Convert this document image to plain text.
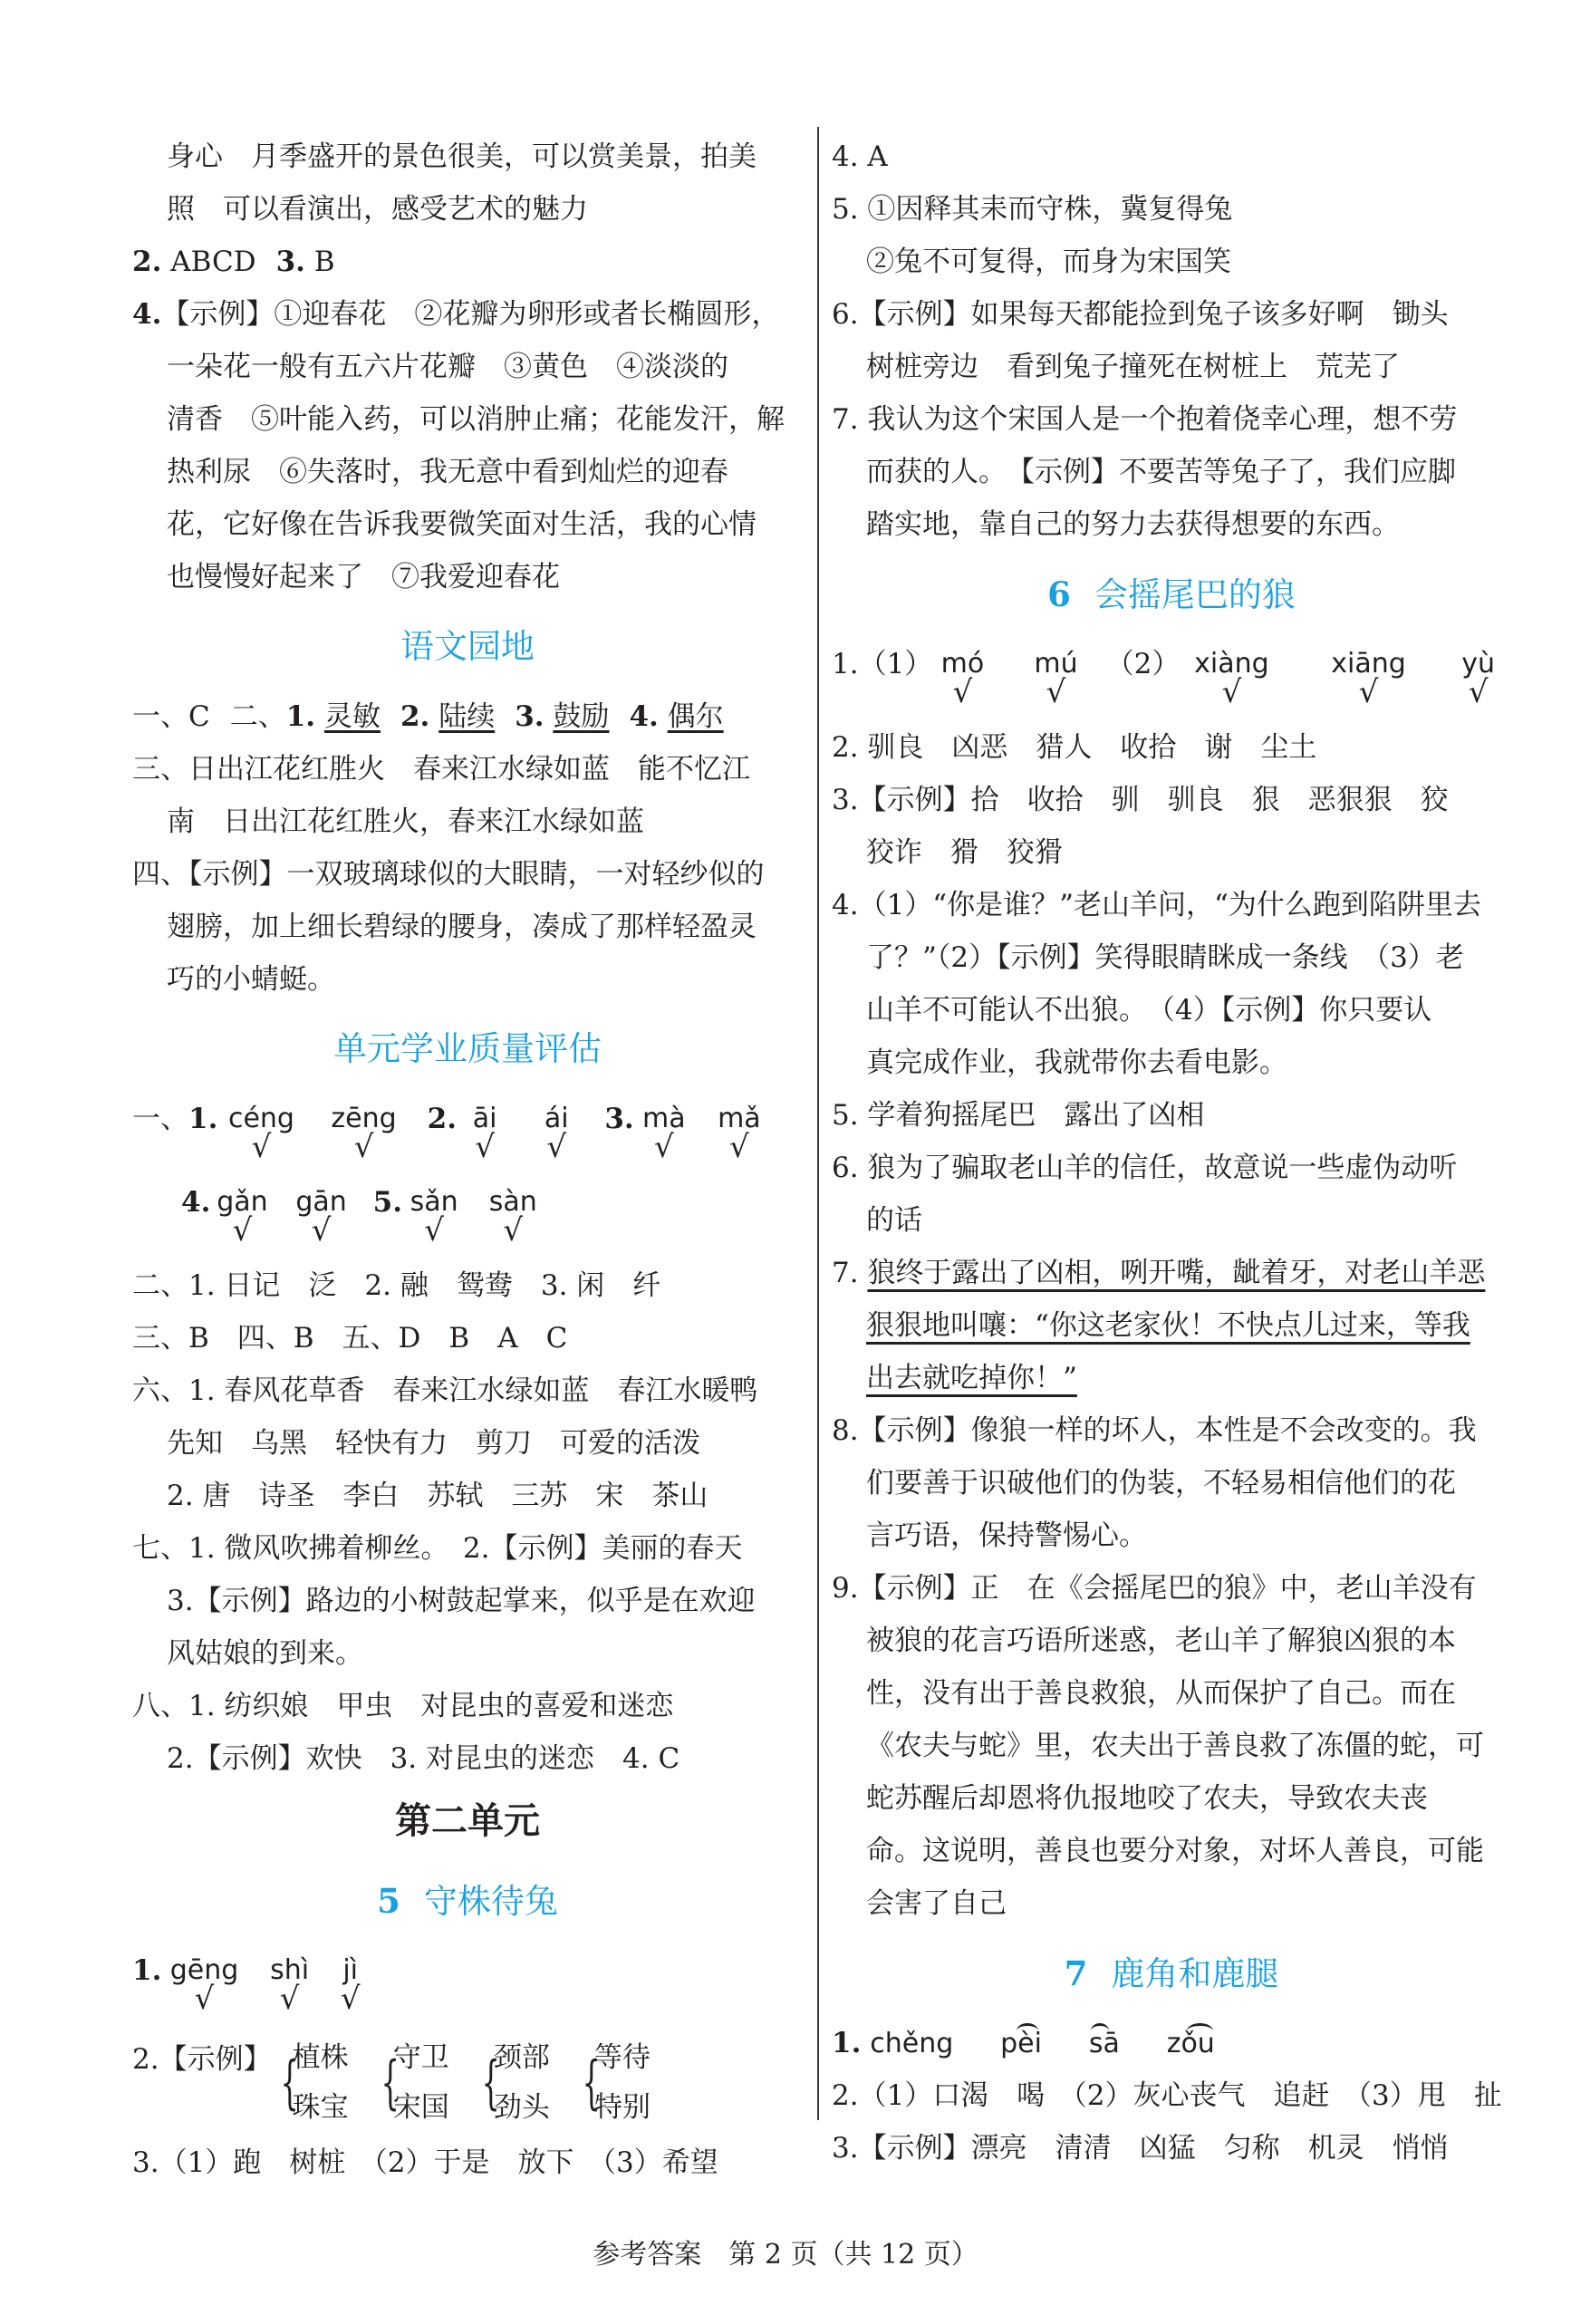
身心　月季盛开的景色很美，可以赏美景，拍美
照　可以看演出，感受艺术的魅力
2. ABCD 3. B
4.【示例】①迎春花　②花瓣为卵形或者长椭圆形，
一朵花一般有五六片花瓣　③黄色　④淡淡的
清香　⑤叶能入药，可以消肿止痛；花能发汗，解
热利尿　⑥失落时，我无意中看到灿烂的迎春
花，它好像在告诉我要微笑面对生活，我的心情
也慢慢好起来了　⑦我爱迎春花
语文园地
一、C 二、1. 灵敏 2. 陆续 3. 鼓励 4. 偶尔
三、日出江花红胜火　春来江水绿如蓝　能不忆江
南　日出江花红胜火，春来江水绿如蓝
四、【示例】一双玻璃球似的大眼睛，一对轻纱似的
翅膀，加上细长碧绿的腰身，凑成了那样轻盈灵
巧的小蜻蜓。
单元学业质量评估
一、1. céng
√

zēng
√
2. āi
√

ái
√
3. mà
√

mǎ
√
4. gǎn
√

gān
√
5. sǎn
√

sàn
√
二、1. 日记　泛　2. 融　鸳鸯　3. 闲　纤
三、B　四、B　五、D　B　A　C
六、1. 春风花草香　春来江水绿如蓝　春江水暖鸭
先知　乌黑　轻快有力　剪刀　可爱的活泼
2. 唐　诗圣　李白　苏轼　三苏　宋　茶山
七、1. 微风吹拂着柳丝。　2.【示例】美丽的春天
3.【示例】路边的小树鼓起掌来，似乎是在欢迎
风姑娘的到来。
八、1. 纺织娘　甲虫　对昆虫的喜爱和迷恋
2.【示例】欢快　3. 对昆虫的迷恋　4. C
第二单元
5 守株待兔
1. gēng
√

shì
√

jì
√
2.【示例】 {
植株
珠宝 {
守卫
宋国 {
颈部
劲头 {
等待
特别
3.（1）跑　树桩　（2）于是　放下　（3）希望
4. A
5. ①因释其耒而守株，冀复得兔
②兔不可复得，而身为宋国笑
6.【示例】如果每天都能捡到兔子该多好啊　锄头
树桩旁边　看到兔子撞死在树桩上　荒芜了
7. 我认为这个宋国人是一个抱着侥幸心理，想不劳
而获的人。　【示例】不要苦等兔子了，我们应脚
踏实地，靠自己的努力去获得想要的东西。
6 会摇尾巴的狼
1.（1） mó
√

mú
√
（2） xiàng
√

xiāng
√

yù
√
2. 驯良　凶恶　猎人　收拾　谢　尘土
3.【示例】拾　收拾　驯　驯良　狠　恶狠狠　狡
狡诈　猾　狡猾
4.（1）“你是谁？”老山羊问，“为什么跑到陷阱里去
了？”（2）【示例】笑得眼睛眯成一条线　（3）老
山羊不可能认不出狼。　（4）【示例】你只要认
真完成作业，我就带你去看电影。
5. 学着狗摇尾巴　露出了凶相
6. 狼为了骗取老山羊的信任，故意说一些虚伪动听
的话
7. 狼终于露出了凶相，咧开嘴，龇着牙，对老山羊恶
狠狠地叫嚷：“你这老家伙！不快点儿过来，等我
出去就吃掉你！”
8.【示例】像狼一样的坏人，本性是不会改变的。我
们要善于识破他们的伪装，不轻易相信他们的花
言巧语，保持警惕心。
9.【示例】正　在《会摇尾巴的狼》中，老山羊没有
被狼的花言巧语所迷惑，老山羊了解狼凶狠的本
性，没有出于善良救狼，从而保护了自己。而在
《农夫与蛇》里，农夫出于善良救了冻僵的蛇，可
蛇苏醒后却恩将仇报地咬了农夫，导致农夫丧
命。这说明，善良也要分对象，对坏人善良，可能
会害了自己
7 鹿角和鹿腿
1. chěng pèi sā zǒu
2.（1）口渴　喝　（2）灰心丧气　追赶　（3）甩　扯
3.【示例】漂亮　清清　凶猛　匀称　机灵　悄悄
参考答案　第 2 页（共 12 页）
